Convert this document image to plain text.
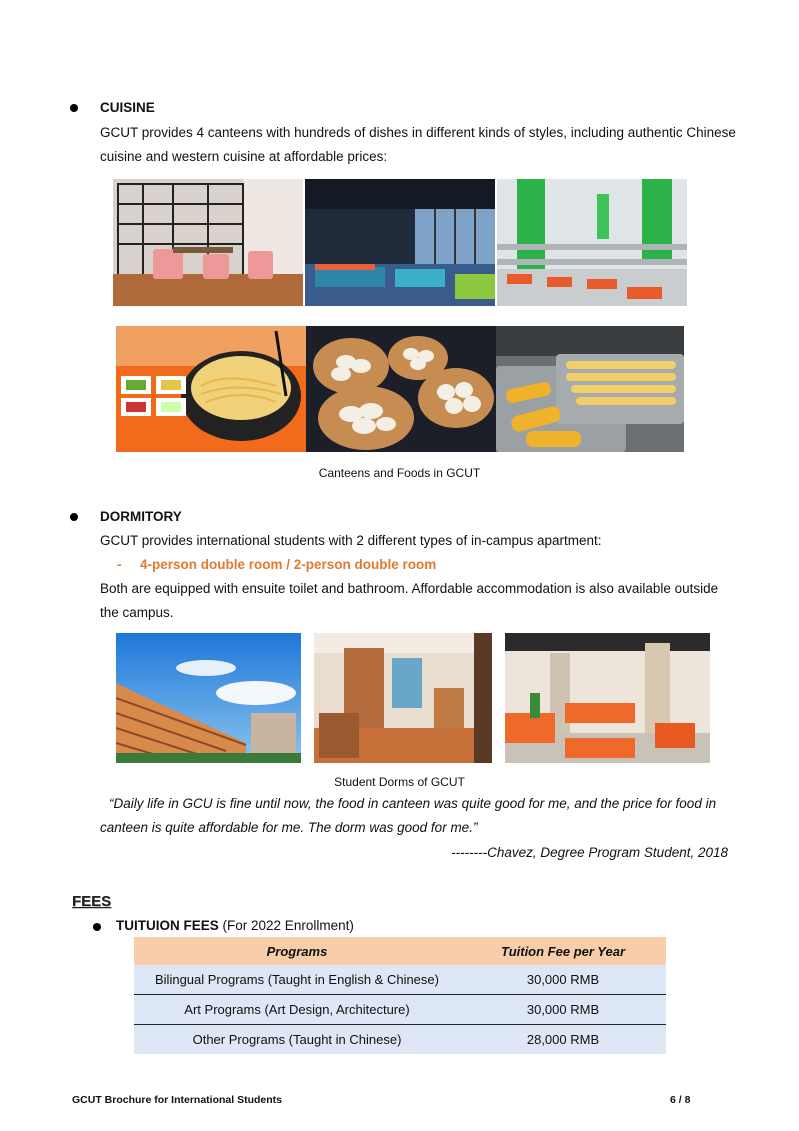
CUISINE
GCUT provides 4 canteens with hundreds of dishes in different kinds of styles, including authentic Chinese
cuisine and western cuisine at affordable prices:
Canteens and Foods in GCUT
DORMITORY
GCUT provides international students with 2 different types of in-campus apartment:
- 4-person double room / 2-person double room
Both are equipped with ensuite toilet and bathroom. Affordable accommodation is also available outside
the campus.
Student Dorms of GCUT
“Daily life in GCU is fine until now, the food in canteen was quite good for me, and the price for food in
canteen is quite affordable for me. The dorm was good for me.”
--------Chavez, Degree Program Student, 2018
FEES
TUITUION FEES (For 2022 Enrollment)
Programs	Tuition Fee per Year
Bilingual Programs (Taught in English & Chinese)	30,000 RMB
Art Programs (Art Design, Architecture)	30,000 RMB
Other Programs (Taught in Chinese)	28,000 RMB
GCUT Brochure for International Students	6 / 8
